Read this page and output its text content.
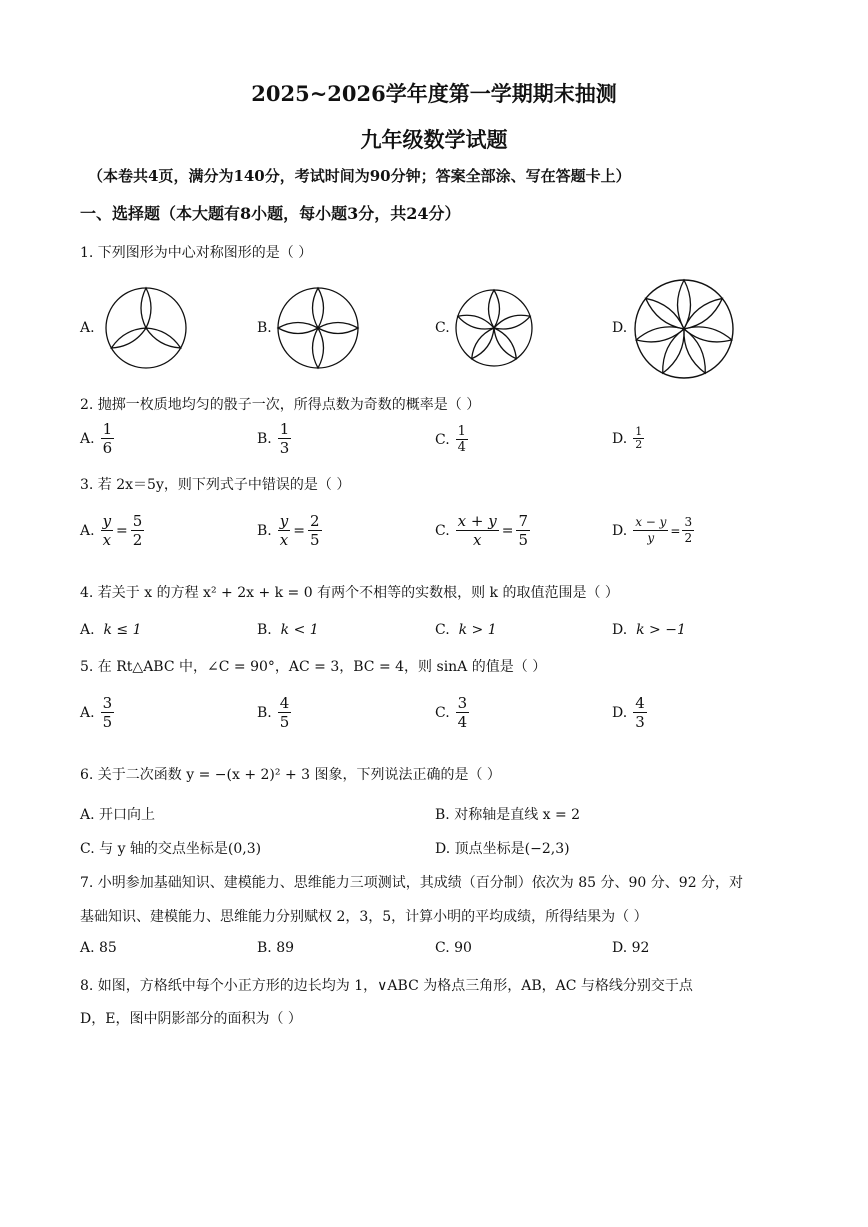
2025~2026学年度第一学期期末抽测
九年级数学试题
（本卷共4页，满分为140分，考试时间为90分钟；答案全部涂、写在答题卡上）
一、选择题（本大题有8小题，每小题3分，共24分）
1. 下列图形为中心对称图形的是（ ）
A.	B.	C.	D.
2. 抛掷一枚质地均匀的骰子一次，所得点数为奇数的概率是（ ）
A. $\frac{1}{6}$	B. $\frac{1}{3}$	C. $\frac{1}{4}$	D. $\frac{1}{2}$
3. 若 2x＝5y，则下列式子中错误的是（ ）
A. $\frac{y}{x} = \frac{5}{2}$	B. $\frac{y}{x} = \frac{2}{5}$	C. $\frac{x + y}{x} = \frac{7}{5}$	D. $\frac{x - y}{y} = \frac{3}{2}$
4. 若关于 x 的方程 x² + 2x + k = 0 有两个不相等的实数根，则 k 的取值范围是（ ）
A. k ≤ 1	B. k < 1	C. k > 1	D. k > −1
5. 在 Rt△ABC 中，∠C = 90°，AC = 3，BC = 4，则 sinA 的值是（ ）
A. $\frac{3}{5}$	B. $\frac{4}{5}$	C. $\frac{3}{4}$	D. $\frac{4}{3}$
6. 关于二次函数 y = −(x + 2)² + 3 图象，下列说法正确的是（ ）
A. 开口向上	B. 对称轴是直线 x = 2
C. 与 y 轴的交点坐标是(0,3)	D. 顶点坐标是(−2,3)
7. 小明参加基础知识、建模能力、思维能力三项测试，其成绩（百分制）依次为 85 分、90 分、92 分，对
基础知识、建模能力、思维能力分别赋权 2，3，5，计算小明的平均成绩，所得结果为（ ）
A. 85	B. 89	C. 90	D. 92
8. 如图，方格纸中每个小正方形的边长均为 1，∨ABC 为格点三角形，AB，AC 与格线分别交于点
D，E，图中阴影部分的面积为（ ）
